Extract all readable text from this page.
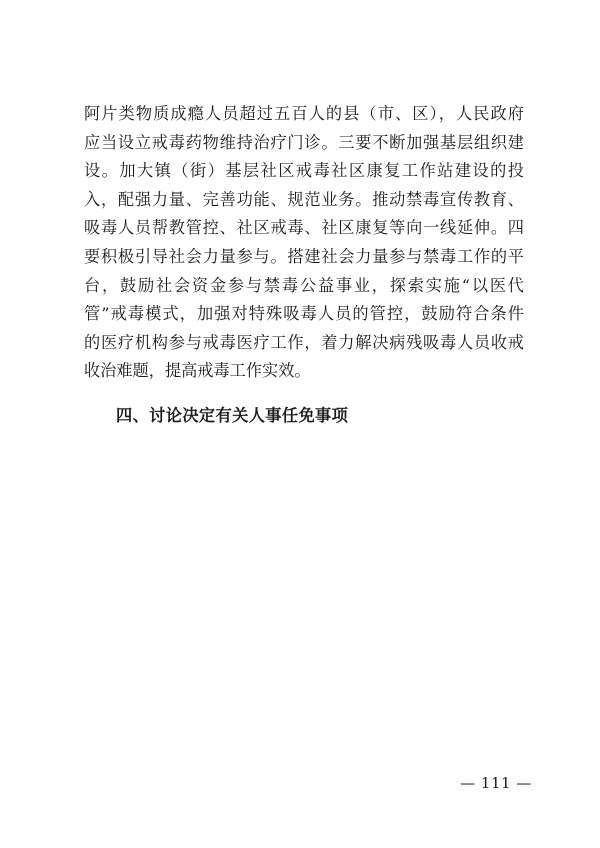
阿片类物质成瘾人员超过五百人的县（市、区），人民政府
应当设立戒毒药物维持治疗门诊。三要不断加强基层组织建
设。加大镇（街）基层社区戒毒社区康复工作站建设的投
入，配强力量、完善功能、规范业务。推动禁毒宣传教育、
吸毒人员帮教管控、社区戒毒、社区康复等向一线延伸。四
要积极引导社会力量参与。搭建社会力量参与禁毒工作的平
台，鼓励社会资金参与禁毒公益事业，探索实施“以医代
管”戒毒模式，加强对特殊吸毒人员的管控，鼓励符合条件
的医疗机构参与戒毒医疗工作，着力解决病残吸毒人员收戒
收治难题，提高戒毒工作实效。
四、讨论决定有关人事任免事项
— 111 —
